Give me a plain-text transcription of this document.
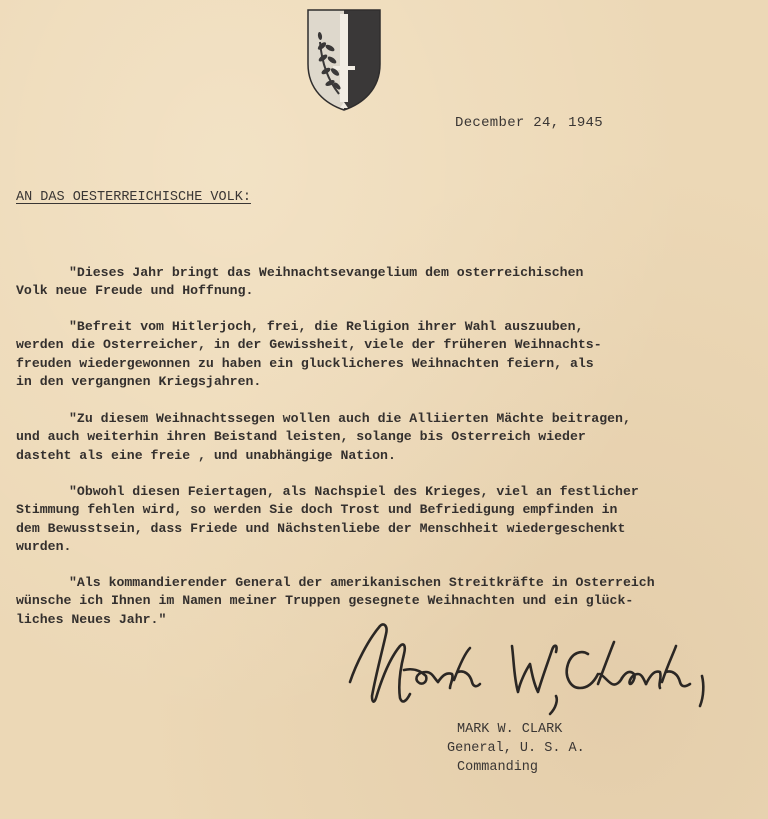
December 24, 1945
AN DAS OESTERREICHISCHE VOLK:
"Dieses Jahr bringt das Weihnachtsevangelium dem osterreichischen
Volk neue Freude und Hoffnung.
"Befreit vom Hitlerjoch, frei, die Religion ihrer Wahl auszuuben,
werden die Osterreicher, in der Gewissheit, viele der früheren Weihnachts-
freuden wiedergewonnen zu haben ein glucklicheres Weihnachten feiern, als
in den vergangnen Kriegsjahren.
"Zu diesem Weihnachtssegen wollen auch die Alliierten Mächte beitragen,
und auch weiterhin ihren Beistand leisten, solange bis Osterreich wieder
dasteht als eine freie , und unabhängige Nation.
"Obwohl diesen Feiertagen, als Nachspiel des Krieges, viel an festlicher
Stimmung fehlen wird, so werden Sie doch Trost und Befriedigung empfinden in
dem Bewusstsein, dass Friede und Nächstenliebe der Menschheit wiedergeschenkt
wurden.
"Als kommandierender General der amerikanischen Streitkräfte in Osterreich
wünsche ich Ihnen im Namen meiner Truppen gesegnete Weihnachten und ein glück-
liches Neues Jahr."
MARK W. CLARK
General, U. S. A.
Commanding
